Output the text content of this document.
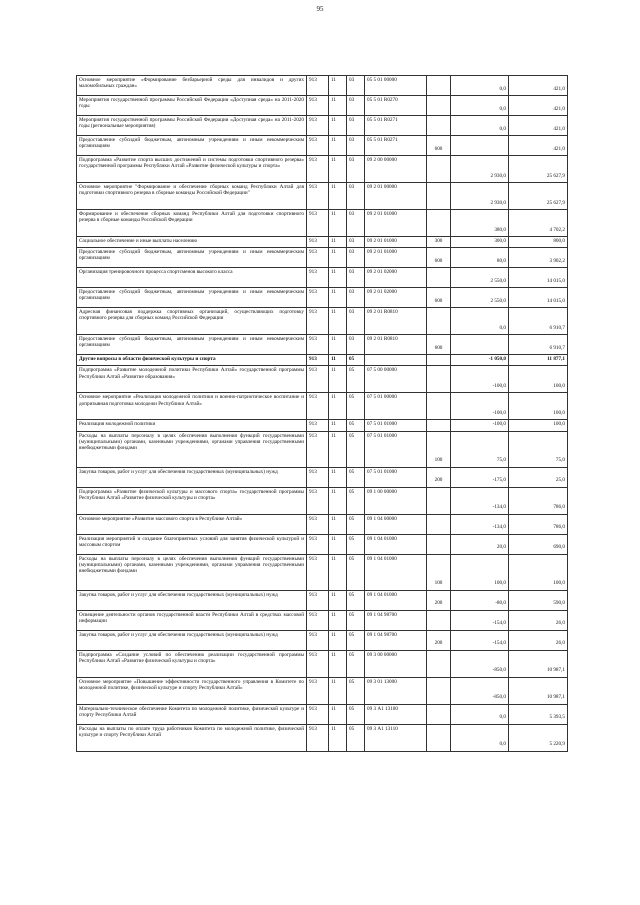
95
Основное мероприятие «Формирование безбарьерной среды для инвалидов и других маломобильных граждан»	913	11	03	05 5 01 00000		0,0	421,0
Мероприятия государственной программы Российской Федерации «Доступная среда» на 2011-2020 годы	913	11	03	05 5 01 R0270		0,0	421,0
Мероприятия государственной программы Российской Федерации «Доступная среда» на 2011-2020 годы (региональные мероприятия)	913	11	03	05 5 01 R0271		0,0	421,0
Предоставление субсидий бюджетным, автономным учреждениям и иным некоммерческим организациям	913	11	03	05 5 01 R0271	600		421,0
Подпрограмма «Развитие спорта высших достижений и системы подготовки спортивного резерва» государственной программы Республики Алтай «Развитие физической культуры и спорта»	913	11	03	09 2 00 00000		2 930,0	25 627,9
Основное мероприятие "Формирование и обеспечение сборных команд Республики Алтай для подготовки спортивного резерва в сборные команды Российской Федерации"	913	11	03	09 2 01 00000		2 930,0	25 627,9
Формирование и обеспечение сборных команд Республики Алтай для подготовки спортивного резерва в сборные команды Российской Федерации	913	11	03	09 2 01 01000		380,0	4 702,2
Социальное обеспечение и иные выплаты населению	913	11	03	09 2 01 01000	300	300,0	800,0
Предоставление субсидий бюджетным, автономным учреждениям и иным некоммерческим организациям	913	11	03	09 2 01 01000	600	80,0	3 902,2
Организация тренировочного процесса спортсменов высокого класса	913	11	03	09 2 01 02000		2 550,0	14 015,0
Предоставление субсидий бюджетным, автономным учреждениям и иным некоммерческим организациям	913	11	03	09 2 01 02000	600	2 550,0	14 015,0
Адресная финансовая поддержка спортивных организаций, осуществляющих подготовку спортивного резерва для сборных команд Российской Федерации	913	11	03	09 2 01 R0810		0,0	6 910,7
Предоставление субсидий бюджетным, автономным учреждениям и иным некоммерческим организациям	913	11	03	09 2 01 R0810	600		6 910,7
Другие вопросы в области физической культуры и спорта	913	11	05			-1 050,0	11 877,1
Подпрограмма «Развитие молодежной политики Республики Алтай» государственной программы Республики Алтай «Развитие образования»	913	11	05	07 5 00 00000		-100,0	100,0
Основное мероприятие «Реализация молодежной политики и военно-патриотическое воспитание и допризывная подготовка молодежи Республики Алтай»	913	11	05	07 5 01 00000		-100,0	100,0
Реализация молодежной политики	913	11	05	07 5 01 01000		-100,0	100,0
Расходы на выплаты персоналу в целях обеспечения выполнения функций государственными (муниципальными) органами, казенными учреждениями, органами управления государственными внебюджетными фондами	913	11	05	07 5 01 01000	100	75,0	75,0
Закупка товаров, работ и услуг для обеспечения государственных (муниципальных) нужд	913	11	05	07 5 01 01000	200	-175,0	25,0
Подпрограмма «Развитие физической культуры и массового спорта» государственной программы Республики Алтай «Развитие физической культуры и спорта»	913	11	05	09 1 00 00000		-134,0	786,0
Основное мероприятие «Развитие массового спорта в Республике Алтай»	913	11	05	09 1 04 00000		-134,0	786,0
Реализация мероприятий и создание благоприятных условий для занятия физической культурой и массовым спортом	913	11	05	09 1 04 01000		20,0	690,0
Расходы на выплаты персоналу в целях обеспечения выполнения функций государственными (муниципальными) органами, казенными учреждениями, органами управления государственными внебюджетными фондами	913	11	05	09 1 04 01000	100	100,0	100,0
Закупка товаров, работ и услуг для обеспечения государственных (муниципальных) нужд	913	11	05	09 1 04 01000	200	-80,0	590,0
Освещение деятельности органов государственной власти Республики Алтай в средствах массовой информации	913	11	05	09 1 04 98700		-154,0	26,0
Закупка товаров, работ и услуг для обеспечения государственных (муниципальных) нужд	913	11	05	09 1 04 98700	200	-154,0	26,0
Подпрограмма «Создание условий по обеспечению реализации государственной программы Республики Алтай «Развитие физической культуры и спорта»	913	11	05	09 3 00 00000		-850,0	10 987,1
Основное мероприятие «Повышение эффективности государственного управления в Комитете по молодежной политике, физической культуре и спорту Республики Алтай»	913	11	05	09 3 01 13000		-850,0	10 987,1
Материально-техническое обеспечение Комитета по молодежной политике, физической культуре и спорту Республики Алтай	913	11	05	09 3 А1 13100		0,0	5 393,5
Расходы на выплаты по оплате труда работников Комитета по молодежной политике, физической культуре и спорту Республики Алтай	913	11	05	09 3 А1 13110		0,0	5 220,9
